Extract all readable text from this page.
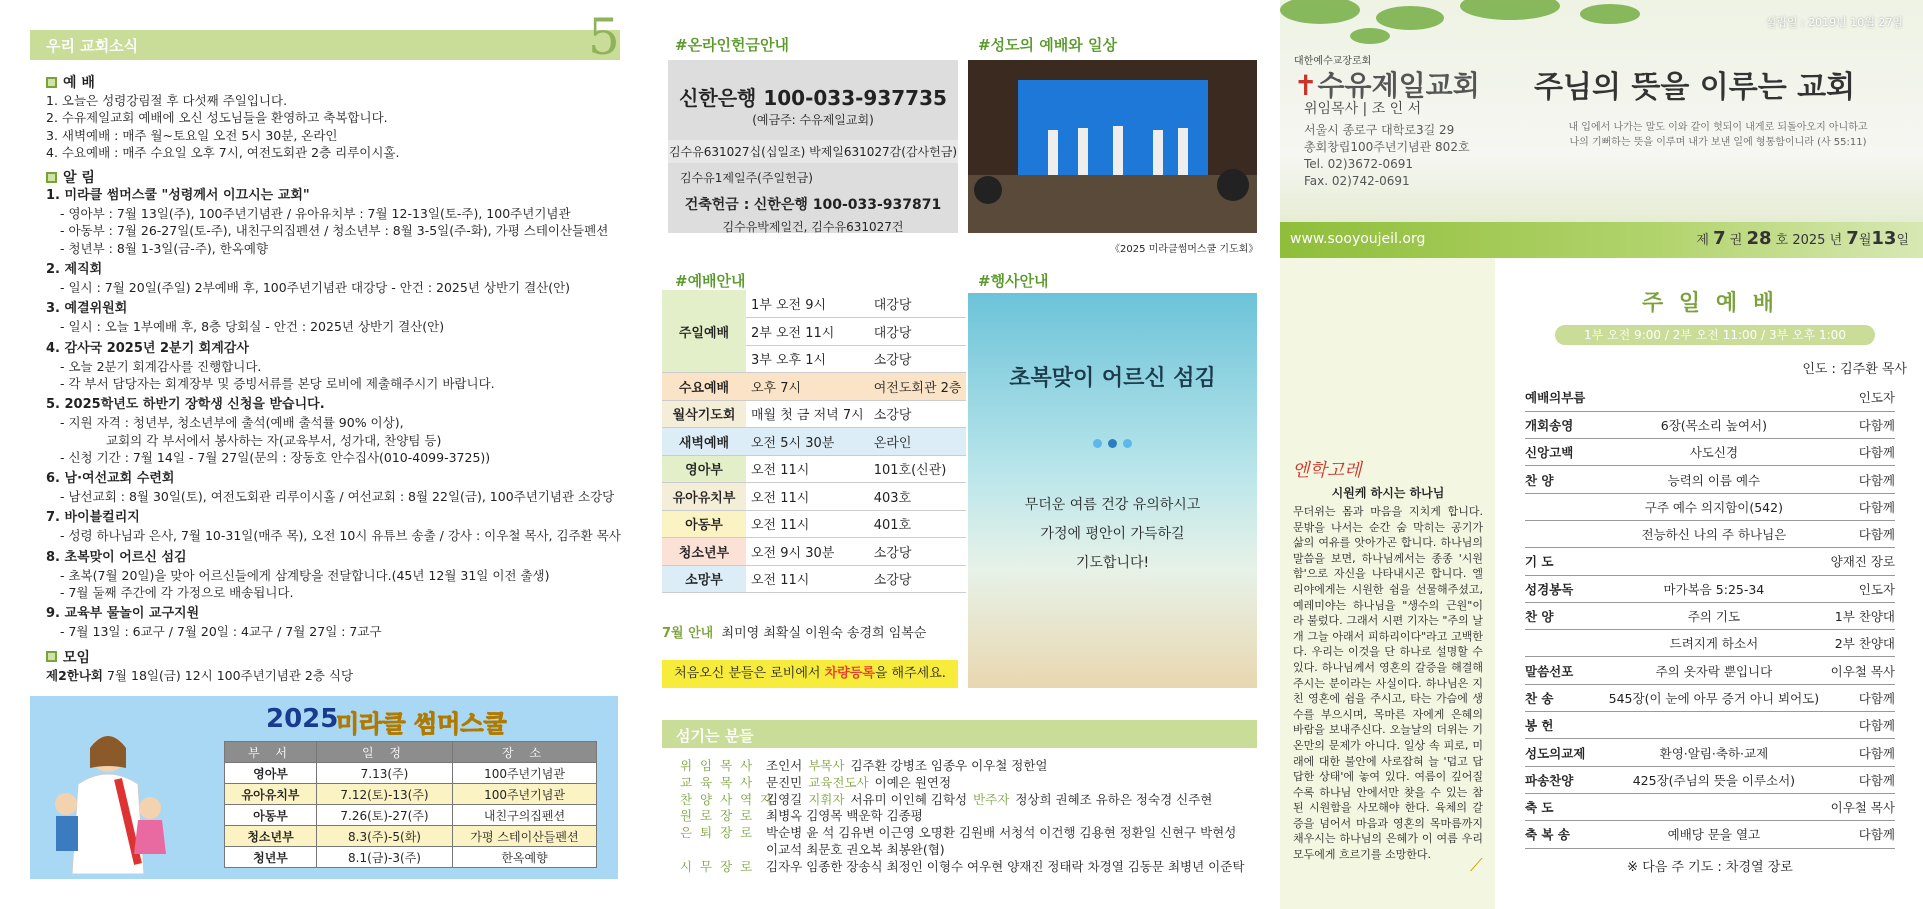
우리 교회소식	5
예 배
1. 오늘은 성령강림절 후 다섯째 주일입니다.
2. 수유제일교회 예배에 오신 성도님들을 환영하고 축복합니다.
3. 새벽예배 : 매주 월~토요일 오전 5시 30분, 온라인
4. 수요예배 : 매주 수요일 오후 7시, 여전도회관 2층 리루이시홀.
알 림
1. 미라클 썸머스쿨 "성령께서 이끄시는 교회"
- 영아부 : 7월 13일(주), 100주년기념관 / 유아유치부 : 7월 12-13일(토-주), 100주년기념관
- 아동부 : 7월 26-27일(토-주), 내친구의집펜션 / 청소년부 : 8월 3-5일(주-화), 가평 스테이산들펜션
- 청년부 : 8월 1-3일(금-주), 한옥예향
2. 제직회
- 일시 : 7월 20일(주일) 2부예배 후, 100주년기념관 대강당 - 안건 : 2025년 상반기 결산(안)
3. 예결위원회
- 일시 : 오늘 1부예배 후, 8층 당회실 - 안건 : 2025년 상반기 결산(안)
4. 감사국 2025년 2분기 회계감사
- 오늘 2분기 회계감사를 진행합니다.
- 각 부서 담당자는 회계장부 및 증빙서류를 본당 로비에 제출해주시기 바랍니다.
5. 2025학년도 하반기 장학생 신청을 받습니다.
- 지원 자격 : 청년부, 청소년부에 출석(예배 출석률 90% 이상),
교회의 각 부서에서 봉사하는 자(교육부서, 성가대, 찬양팀 등)
- 신청 기간 : 7월 14일 - 7월 27일(문의 : 장동호 안수집사(010-4099-3725))
6. 남·여선교회 수련회
- 남선교회 : 8월 30일(토), 여전도회관 리루이시홀 / 여선교회 : 8월 22일(금), 100주년기념관 소강당
7. 바이블컬리지
- 성령 하나님과 은사, 7월 10-31일(매주 목), 오전 10시 유튜브 송출 / 강사 : 이우철 목사, 김주환 목사
8. 초복맞이 어르신 섬김
- 초복(7월 20일)을 맞아 어르신들에게 삼계탕을 전달합니다.(45년 12월 31일 이전 출생)
- 7월 둘째 주간에 각 가정으로 배송됩니다.
9. 교육부 물놀이 교구지원
- 7월 13일 : 6교구 / 7월 20일 : 4교구 / 7월 27일 : 7교구
모임
제2한나회 7월 18일(금) 12시 100주년기념관 2층 식당
2025
미라클 썸머스쿨
부 서	일 정	장 소
영아부	7.13(주)	100주년기념관
유아유치부	7.12(토)-13(주)	100주년기념관
아동부	7.26(토)-27(주)	내친구의집펜션
청소년부	8.3(주)-5(화)	가평 스테이산들펜션
청년부	8.1(금)-3(주)	한옥예향
#온라인헌금안내
신한은행 100-033-937735
(예금주: 수유제일교회)
김수유631027십(십일조) 박제일631027감(감사헌금)
김수유1제일주(주일헌금)
건축헌금 : 신한은행 100-033-937871
김수유박제일건, 김수유631027건
#성도의 예배와 일상
《2025 미라클썸머스쿨 기도회》
#예배안내
주일예배	1부 오전 9시	대강당
	2부 오전 11시	대강당
	3부 오후 1시	소강당
수요예배	오후 7시	여전도회관 2층
월삭기도회	매월 첫 금 저녁 7시	소강당
새벽예배	오전 5시 30분	온라인
영아부	오전 11시	101호(신관)
유아유치부	오전 11시	403호
아동부	오전 11시	401호
청소년부	오전 9시 30분	소강당
소망부	오전 11시	소강당
7월 안내 최미영 최확실 이원숙 송경희 임복순
처음오신 분들은 로비에서 차량등록을 해주세요.
#행사안내
초복맞이 어르신 섬김
무더운 여름 건강 유의하시고
가정에 평안이 가득하길
기도합니다!
섬기는 분들
위 임 목 사 조인서 부목사 김주환 강병조 임종우 이우철 정한얼
교 육 목 사 문진민 교육전도사 이예은 원연정
찬 양 사 역 자김영길 지휘자 서유미 이인혜 김학성 반주자 정상희 권혜조 유하은 정숙경 신주현
원 로 장 로 최병옥 김영목 백운학 김종평
은 퇴 장 로 박순병 윤 석 김유변 이근영 오명환 김원배 서청석 이건행 김용현 정환일 신현구 박현성
이교석 최문호 권오복 최봉완(협)
시 무 장 로 김자우 임종한 장송식 최정인 이형수 여우현 양재진 정태락 차경열 김동문 최병년 이준탁
설립일 : 2019년 10월 27일
대한예수교장로회
✝수유제일교회
위임목사 | 조 인 서
서울시 종로구 대학로3길 29
총회창립100주년기념관 802호
Tel. 02)3672-0691
Fax. 02)742-0691
주님의 뜻을 이루는 교회
내 입에서 나가는 말도 이와 같이 헛되이 내게로 되돌아오지 아니하고
나의 기뻐하는 뜻을 이루며 내가 보낸 일에 형통함이니라 (사 55:11)
www.sooyoujeil.org	제 7 권 28 호 2025 년 7월13일
엔학고레
시원케 하시는 하나님
무더위는 몸과 마음을 지치게 합니다. 문밖을 나서는 순간 숨 막히는 공기가 삶의 여유를 앗아가곤 합니다. 하나님의 말씀을 보면, 하나님께서는 종종 '시원함'으로 자신을 나타내시곤 합니다. 엘리야에게는 시원한 쉼을 선물해주셨고, 예레미야는 하나님을 "생수의 근원"이라 불렀다. 그래서 시편 기자는 "주의 날개 그늘 아래서 피하리이다"라고 고백한다. 우리는 이것을 단 하나로 설명할 수 있다. 하나님께서 영혼의 갈증을 해결해주시는 분이라는 사실이다. 하나님은 지친 영혼에 쉼을 주시고, 타는 가슴에 생수를 부으시며, 목마른 자에게 은혜의 바람을 보내주신다. 오늘날의 더위는 기온만의 문제가 아니다. 일상 속 피로, 미래에 대한 불안에 사로잡혀 늘 '덥고 답답한 상태'에 놓여 있다. 여름이 깊어질수록 하나님 안에서만 찾을 수 있는 참된 시원함을 사모해야 한다. 육체의 갈증을 넘어서 마음과 영혼의 목마름까지 채우시는 하나님의 은혜가 이 여름 우리 모두에게 흐르기를 소망한다.
⟋
주 일 예 배
1부 오전 9:00 / 2부 오전 11:00 / 3부 오후 1:00
인도 : 김주환 목사
예배의부름		인도자
개회송영	6장(목소리 높여서)	다함께
신앙고백	사도신경	다함께
찬 양	능력의 이름 예수	다함께
	구주 예수 의지함이(542)	다함께
	전능하신 나의 주 하나님은	다함께
기 도		양재진 장로
성경봉독	마가복음 5:25-34	인도자
찬 양	주의 기도	1부 찬양대
	드려지게 하소서	2부 찬양대
말씀선포	주의 옷자락 뿐입니다	이우철 목사
찬 송	545장(이 눈에 아무 증거 아니 뵈어도)	다함께
봉 헌		다함께
성도의교제	환영·알림·축하·교제	다함께
파송찬양	425장(주님의 뜻을 이루소서)	다함께
축 도		이우철 목사
축 복 송	예배당 문을 열고	다함께
※ 다음 주 기도 : 차경열 장로
